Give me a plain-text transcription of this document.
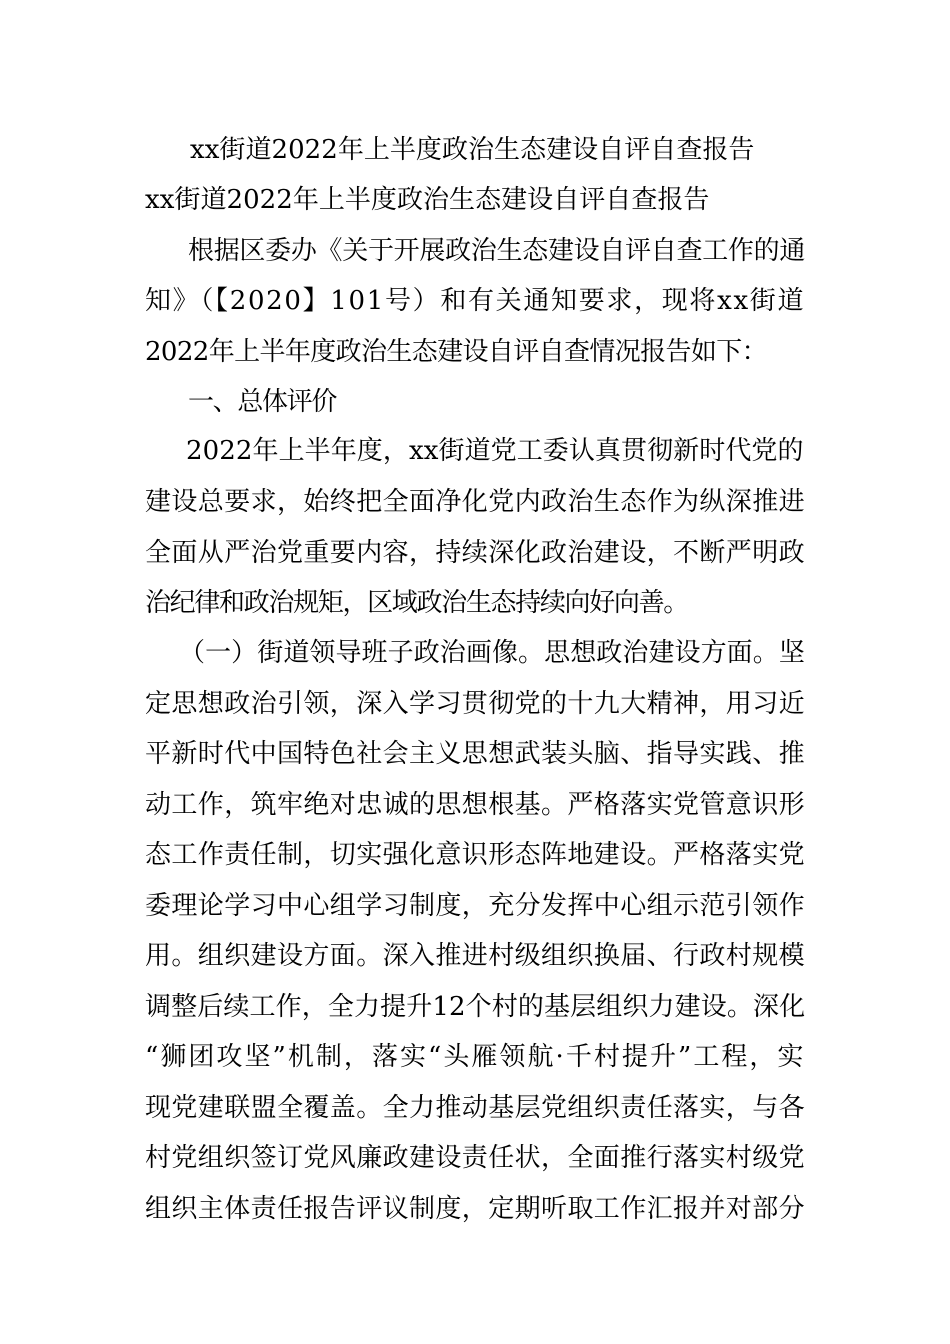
xx街道2022年上半度政治生态建设自评自查报告
xx街道2022年上半度政治生态建设自评自查报告
根据区委办《关于开展政治生态建设自评自查工作的通
知》（【2020】101号）和有关通知要求，现将xx街道
2022年上半年度政治生态建设自评自查情况报告如下：
一、总体评价
2022年上半年度，xx街道党工委认真贯彻新时代党的
建设总要求，始终把全面净化党内政治生态作为纵深推进
全面从严治党重要内容，持续深化政治建设，不断严明政
治纪律和政治规矩，区域政治生态持续向好向善。
（一）街道领导班子政治画像。思想政治建设方面。坚
定思想政治引领，深入学习贯彻党的十九大精神，用习近
平新时代中国特色社会主义思想武装头脑、指导实践、推
动工作，筑牢绝对忠诚的思想根基。严格落实党管意识形
态工作责任制，切实强化意识形态阵地建设。严格落实党
委理论学习中心组学习制度，充分发挥中心组示范引领作
用。组织建设方面。深入推进村级组织换届、行政村规模
调整后续工作，全力提升12个村的基层组织力建设。深化
“狮团攻坚”机制，落实“头雁领航·千村提升”工程，实
现党建联盟全覆盖。全力推动基层党组织责任落实，与各
村党组织签订党风廉政建设责任状，全面推行落实村级党
组织主体责任报告评议制度，定期听取工作汇报并对部分
